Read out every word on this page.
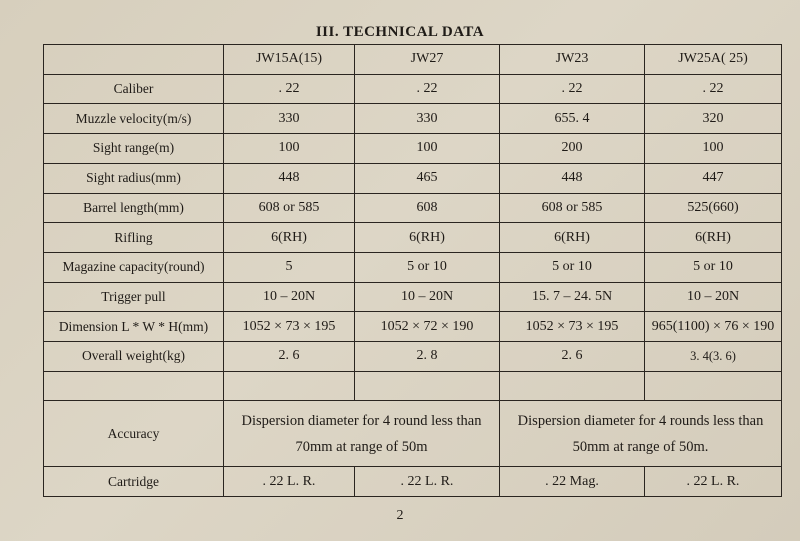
III. TECHNICAL DATA
	JW15A(15)	JW27	JW23	JW25A( 25)
Caliber	. 22	. 22	. 22	. 22
Muzzle velocity(m/s)	330	330	655. 4	320
Sight range(m)	100	100	200	100
Sight radius(mm)	448	465	448	447
Barrel length(mm)	608 or 585	608	608 or 585	525(660)
Rifling	6(RH)	6(RH)	6(RH)	6(RH)
Magazine capacity(round)	5	5 or 10	5 or 10	5 or 10
Trigger pull	10 – 20N	10 – 20N	15. 7 – 24. 5N	10 – 20N
Dimension L * W * H(mm)	1052 × 73 × 195	1052 × 72 × 190	1052 × 73 × 195	965(1100) × 76 × 190
Overall weight(kg)	2. 6	2. 8	2. 6	3. 4(3. 6)

Accuracy	Dispersion diameter for 4 round less than 70mm at range of 50m		Dispersion diameter for 4 rounds less than 50mm at range of 50m.	
Cartridge	. 22 L. R.	. 22 L. R.	. 22 Mag.	. 22 L. R.
2
